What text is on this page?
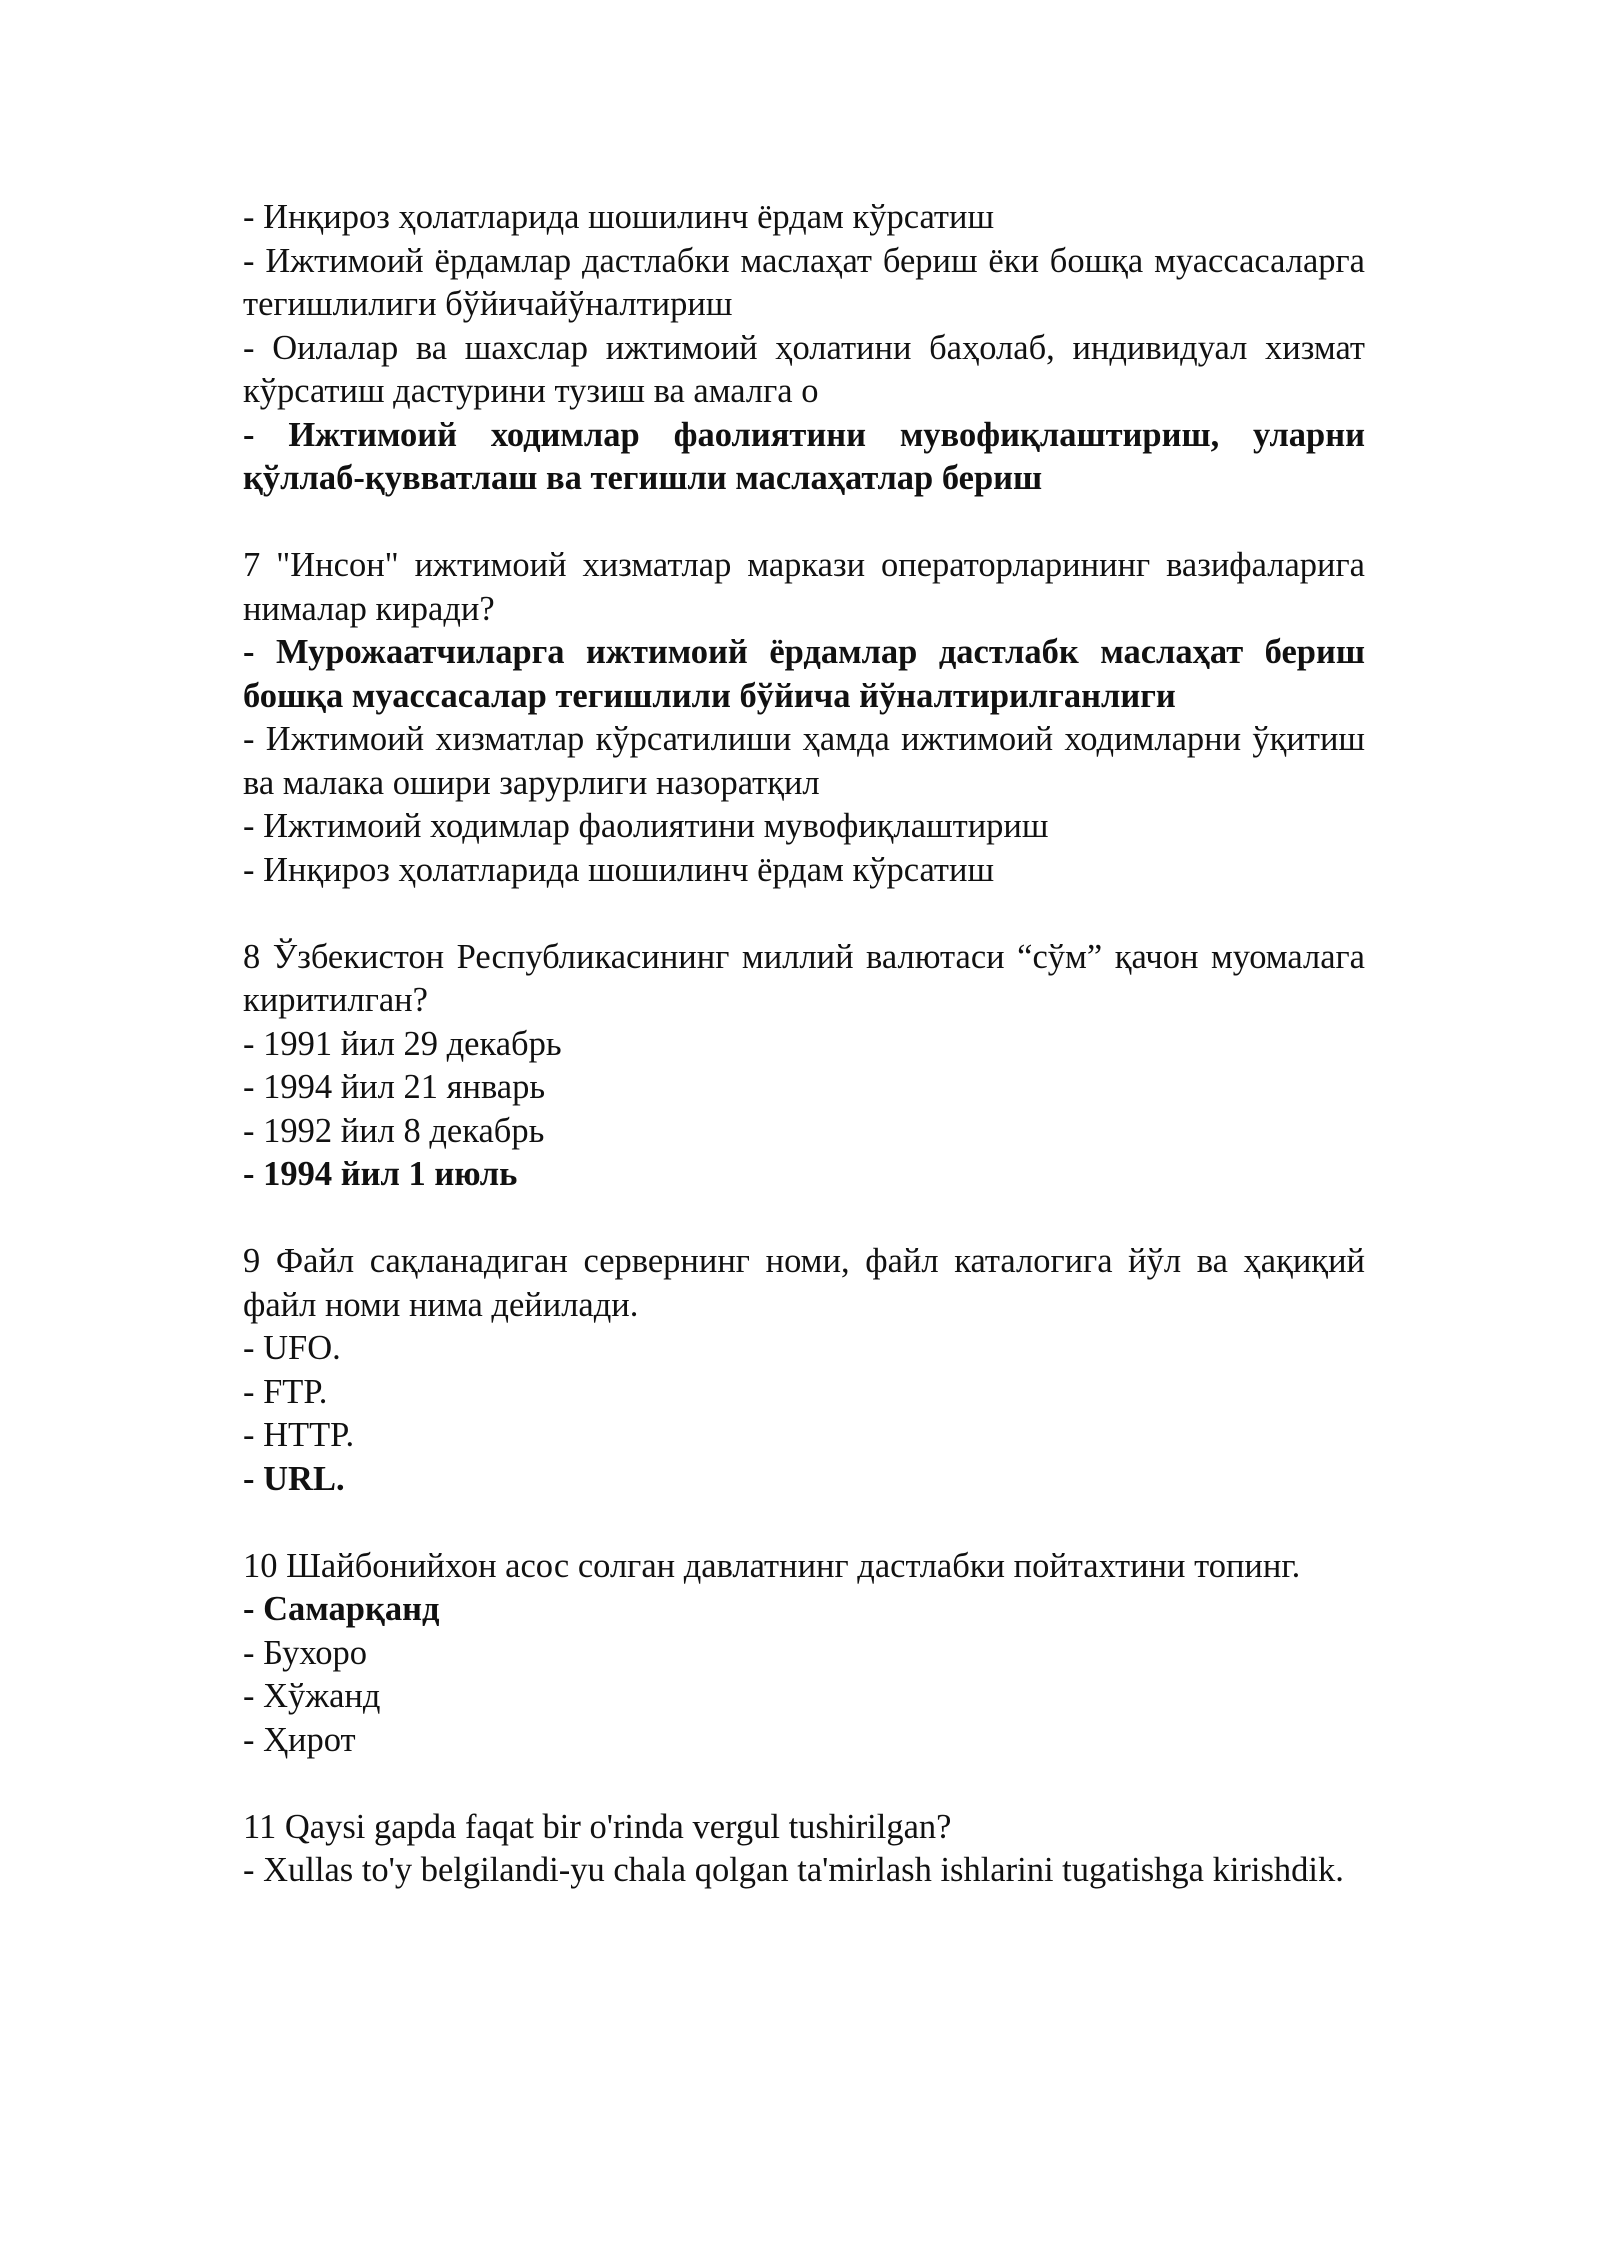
- Инқироз ҳолатларида шошилинч ёрдам кўрсатиш

- Ижтимоий ёрдамлар дастлабки маслаҳат бериш ёки бошқа муассасаларга тегишлилиги бўйичайўналтириш

- Оилалар ва шахслар ижтимоий ҳолатини баҳолаб, индивидуал хизмат кўрсатиш дастурини тузиш ва амалга о

- Ижтимоий ходимлар фаолиятини мувофиқлаштириш, уларни қўллаб-қувватлаш ва тегишли маслаҳатлар бериш

7 "Инсон" ижтимоий хизматлар маркази операторларининг вазифаларига нималар киради?

- Мурожаатчиларга ижтимоий ёрдамлар дастлабк маслаҳат бериш бошқа муассасалар тегишлили бўйича йўналтирилганлиги

- Ижтимоий хизматлар кўрсатилиши ҳамда ижтимоий ходимларни ўқитиш ва малака ошири зарурлиги назоратқил

- Ижтимоий ходимлар фаолиятини мувофиқлаштириш

- Инқироз ҳолатларида шошилинч ёрдам кўрсатиш

8 Ўзбекистон Республикасининг миллий валютаси “сўм” қачон муомалага киритилган?

- 1991 йил 29 декабрь

- 1994 йил 21 январь

- 1992 йил 8 декабрь

- 1994 йил 1 июль

9 Файл сақланадиган сервернинг номи, файл каталогига йўл ва ҳақиқий файл номи нима дейилади.

- UFO.

- FTP.

- HTTP.

- URL.

10 Шайбонийхон асос солган давлатнинг дастлабки пойтахтини топинг.

- Самарқанд

- Бухоро

- Хўжанд

- Ҳирот

11 Qaysi gapda faqat bir o'rinda vergul tushirilgan?

- Xullas to'y belgilandi-yu chala qolgan ta'mirlash ishlarini tugatishga kirishdik.
